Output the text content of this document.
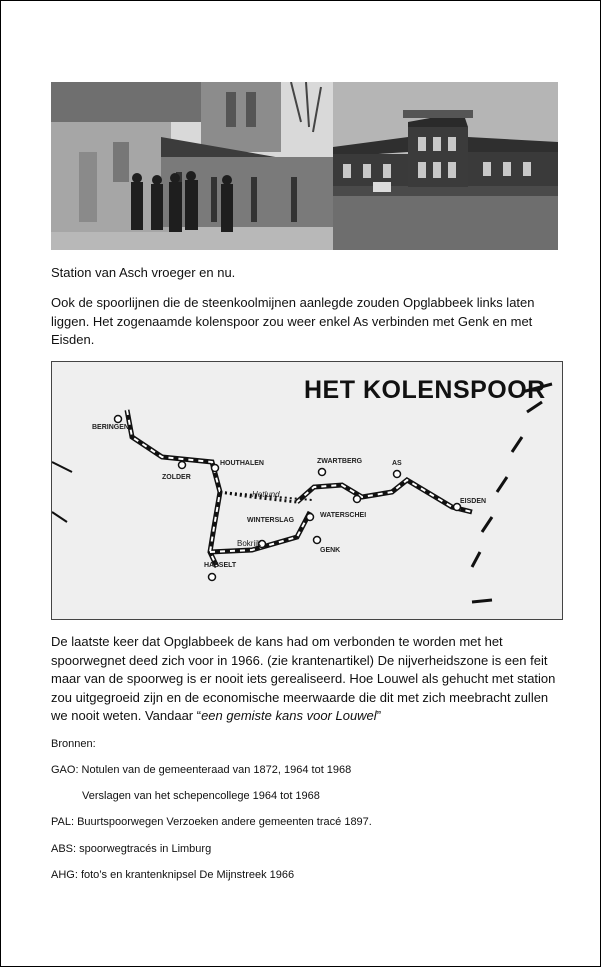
Station van Asch vroeger en nu.
Ook de spoorlijnen die de steenkoolmijnen aanlegde zouden Opglabbeek links laten liggen. Het zogenaamde kolenspoor zou weer enkel As verbinden met Genk en met Eisden.
HET KOLENSPOOR
BERINGEN
ZOLDER
HOUTHALEN	ZWARTBERG	AS
EISDEN
Hetlund
WINTERSLAG
WATERSCHEI
Bokrijk
GENK
HASSELT
De laatste keer dat Opglabbeek de kans had om verbonden te worden met het spoorwegnet deed zich voor in 1966. (zie krantenartikel) De nijverheidszone is een feit maar van de spoorweg is er nooit iets gerealiseerd. Hoe Louwel als gehucht met station zou uitgegroeid zijn en de economische meerwaarde die dit met zich meebracht zullen we nooit weten. Vandaar “een gemiste kans voor Louwel”
Bronnen:
GAO: Notulen van de gemeenteraad van 1872, 1964 tot 1968
Verslagen van het schepencollege 1964 tot 1968
PAL: Buurtspoorwegen Verzoeken andere gemeenten tracé 1897.
ABS: spoorwegtracés in Limburg
AHG: foto’s en krantenknipsel De Mijnstreek 1966
